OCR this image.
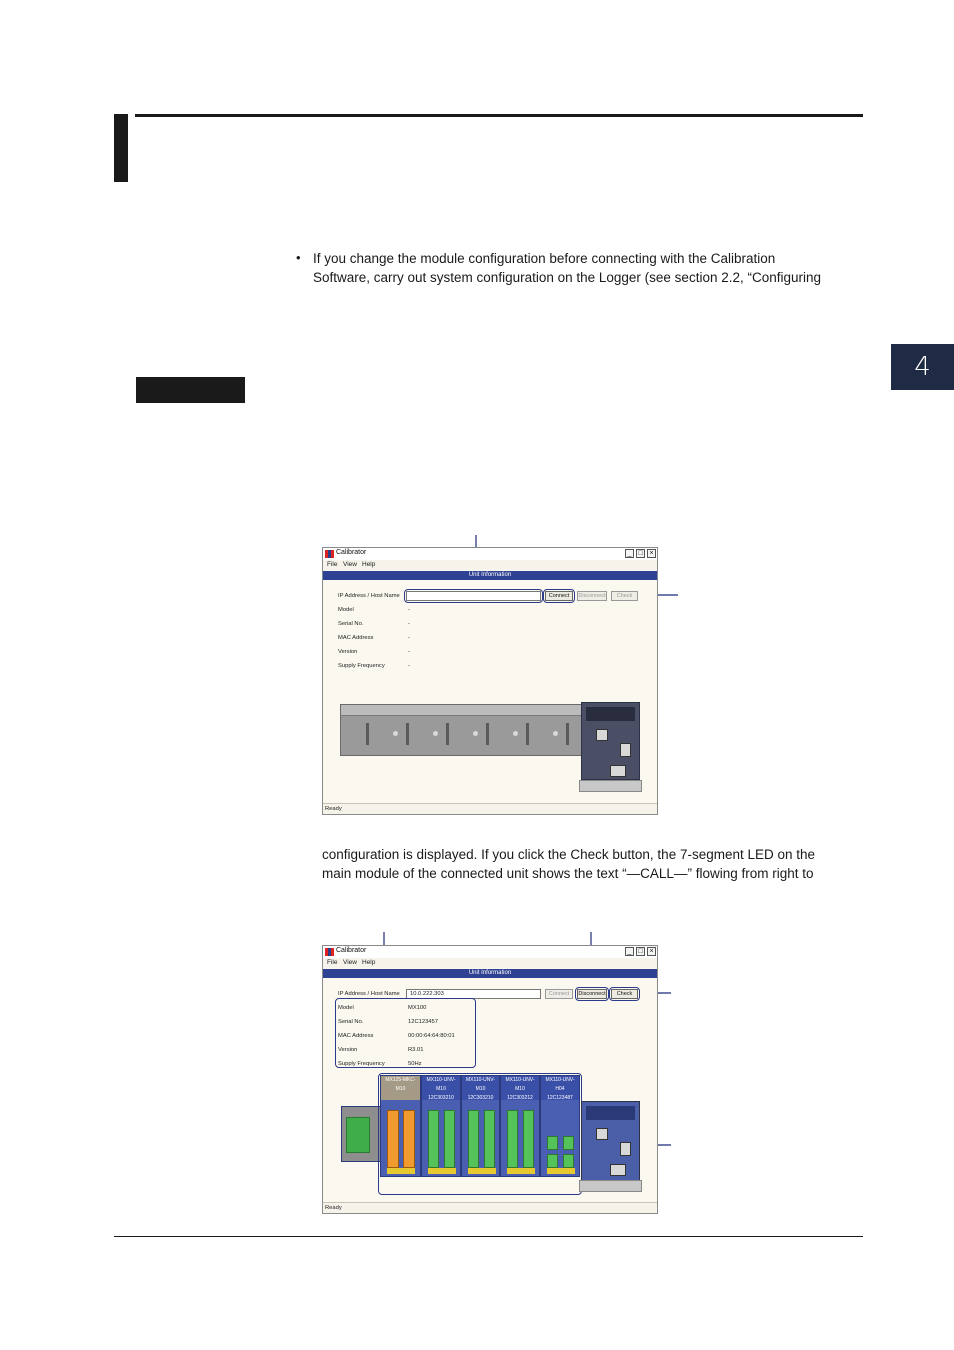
4
• If you change the module configuration before connecting with the Calibration
Software, carry out system configuration on the Logger (see section 2.2, “Configuring
Calibrator	_ □ ×
File View Help
Unit Information
IP Address / Host Name	Connect	Disconnect	Check
Model	-
Serial No.	-
MAC Address	-
Version	-
Supply Frequency	-
Ready
configuration is displayed. If you click the Check button, the 7-segment LED on the
main module of the connected unit shows the text “—CALL—” flowing from right to
Calibrator	_ □ ×
File View Help
Unit Information
IP Address / Host Name	10.0.222.303	Connect	Disconnect	Check
Model	MX100
Serial No.	12C123457
MAC Address	00:00:64:64:80:01
Version	R3.01
Supply Frequency	50Hz
MX125-MKC-M10
MX110-UNV-M10
12C303210
MX110-UNV-M10
12C303210
MX110-UNV-M10
12C303212
MX110-UNV-H04
12C123487
Ready
